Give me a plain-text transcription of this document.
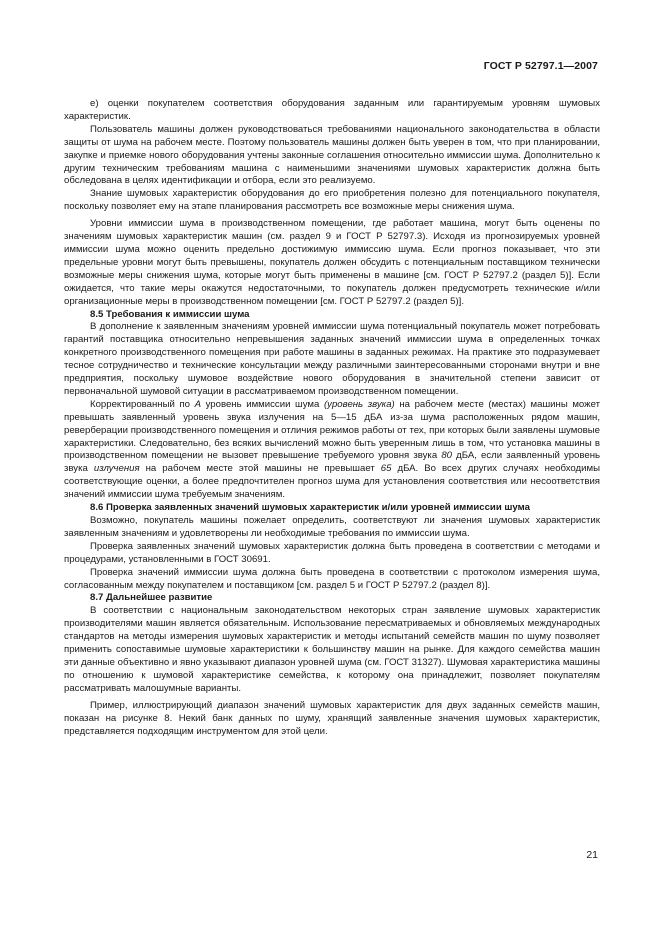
ГОСТ Р 52797.1—2007

е) оценки покупателем соответствия оборудования заданным или гарантируемым уровням шумовых характеристик.

Пользователь машины должен руководствоваться требованиями национального законодательства в области защиты от шума на рабочем месте. Поэтому пользователь машины должен быть уверен в том, что при планировании, закупке и приемке нового оборудования учтены законные соглашения относительно иммиссии шума. Дополнительно к другим техническим требованиям машина с наименьшими значениями шумовых характеристик должна быть обследована в целях идентификации и отбора, если это реализуемо.

Знание шумовых характеристик оборудования до его приобретения полезно для потенциального покупателя, поскольку позволяет ему на этапе планирования рассмотреть все возможные меры снижения шума.

Уровни иммиссии шума в производственном помещении, где работает машина, могут быть оценены по значениям шумовых характеристик машин (см. раздел 9 и ГОСТ Р 52797.3). Исходя из прогнозируемых уровней иммиссии шума можно оценить предельно достижимую иммиссию шума. Если прогноз показывает, что эти предельные уровни могут быть превышены, покупатель должен обсудить с потенциальным поставщиком технически возможные меры снижения шума, которые могут быть применены в машине [см. ГОСТ Р 52797.2 (раздел 5)]. Если ожидается, что такие меры окажутся недостаточными, то покупатель должен предусмотреть технические и/или организационные меры в производственном помещении [см. ГОСТ Р 52797.2 (раздел 5)].

8.5 Требования к иммиссии шума

В дополнение к заявленным значениям уровней иммиссии шума потенциальный покупатель может потребовать гарантий поставщика относительно непревышения заданных значений иммиссии шума в определенных точках конкретного производственного помещения при работе машины в заданных режимах. На практике это подразумевает тесное сотрудничество и технические консультации между различными заинтересованными сторонами внутри и вне предприятия, поскольку шумовое воздействие нового оборудования в значительной степени зависит от первоначальной шумовой ситуации в рассматриваемом производственном помещении.

Корректированный по A уровень иммиссии шума (уровень звука) на рабочем месте (местах) машины может превышать заявленный уровень звука излучения на 5—15 дБА из-за шума расположенных рядом машин, реверберации производственного помещения и отличия режимов работы от тех, при которых были заявлены шумовые характеристики. Следовательно, без всяких вычислений можно быть уверенным лишь в том, что установка машины в производственном помещении не вызовет превышение требуемого уровня звука 80 дБА, если заявленный уровень звука излучения на рабочем месте этой машины не превышает 65 дБА. Во всех других случаях необходимы соответствующие оценки, а более предпочтителен прогноз шума для установления соответствия или несоответствия значений иммиссии шума требуемым значениям.

8.6 Проверка заявленных значений шумовых характеристик и/или уровней иммиссии шума

Возможно, покупатель машины пожелает определить, соответствуют ли значения шумовых характеристик заявленным значениям и удовлетворены ли необходимые требования по иммиссии шума.

Проверка заявленных значений шумовых характеристик должна быть проведена в соответствии с методами и процедурами, установленными в ГОСТ 30691.

Проверка значений иммиссии шума должна быть проведена в соответствии с протоколом измерения шума, согласованным между покупателем и поставщиком [см. раздел 5 и ГОСТ Р 52797.2 (раздел 8)].

8.7 Дальнейшее развитие

В соответствии с национальным законодательством некоторых стран заявление шумовых характеристик производителями машин является обязательным. Использование пересматриваемых и обновляемых международных стандартов на методы измерения шумовых характеристик и методы испытаний семейств машин по шуму позволяет применить сопоставимые шумовые характеристики к большинству машин на рынке. Для каждого семейства машин эти данные объективно и явно указывают диапазон уровней шума (см. ГОСТ 31327). Шумовая характеристика машины по отношению к шумовой характеристике семейства, к которому она принадлежит, позволяет покупателям рассматривать малошумные варианты.

Пример, иллюстрирующий диапазон значений шумовых характеристик для двух заданных семейств машин, показан на рисунке 8. Некий банк данных по шуму, хранящий заявленные значения шумовых характеристик, представляется подходящим инструментом для этой цели.

21
